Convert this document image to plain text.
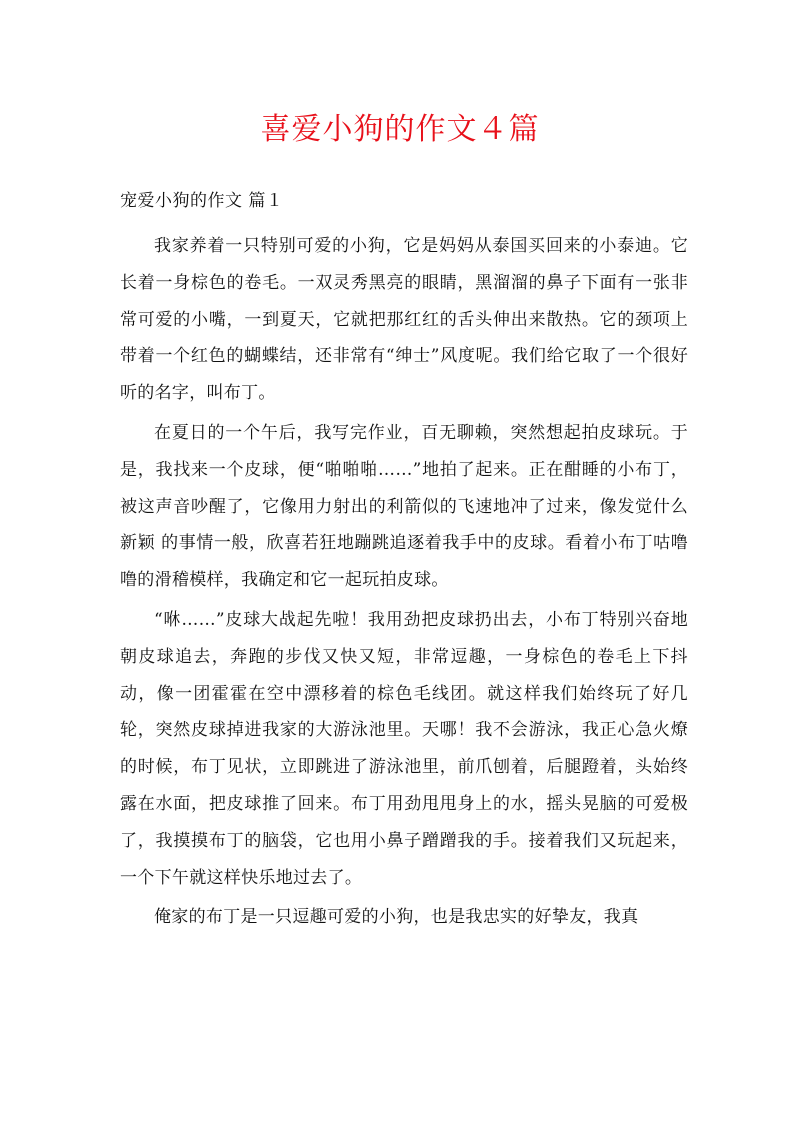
喜爱小狗的作文４篇

宠爱小狗的作文 篇１

我家养着一只特别可爱的小狗，它是妈妈从泰国买回来的小泰迪。它长着一身棕色的卷毛。一双灵秀黑亮的眼睛，黑溜溜的鼻子下面有一张非常可爱的小嘴，一到夏天，它就把那红红的舌头伸出来散热。它的颈项上带着一个红色的蝴蝶结，还非常有“绅士”风度呢。我们给它取了一个很好听的名字，叫布丁。

在夏日的一个午后，我写完作业，百无聊赖，突然想起拍皮球玩。于是，我找来一个皮球，便“啪啪啪……”地拍了起来。正在酣睡的小布丁，被这声音吵醒了，它像用力射出的利箭似的飞速地冲了过来，像发觉什么新颖 的事情一般，欣喜若狂地蹦跳追逐着我手中的皮球。看着小布丁咕噜噜的滑稽模样，我确定和它一起玩拍皮球。

“咻……”皮球大战起先啦！我用劲把皮球扔出去，小布丁特别兴奋地朝皮球追去，奔跑的步伐又快又短，非常逗趣，一身棕色的卷毛上下抖动，像一团霍霍在空中漂移着的棕色毛线团。就这样我们始终玩了好几轮，突然皮球掉进我家的大游泳池里。天哪！我不会游泳，我正心急火燎的时候，布丁见状，立即跳进了游泳池里，前爪刨着，后腿蹬着，头始终露在水面，把皮球推了回来。布丁用劲甩甩身上的水，摇头晃脑的可爱极了，我摸摸布丁的脑袋，它也用小鼻子蹭蹭我的手。接着我们又玩起来，一个下午就这样快乐地过去了。

俺家的布丁是一只逗趣可爱的小狗，也是我忠实的好挚友，我真
